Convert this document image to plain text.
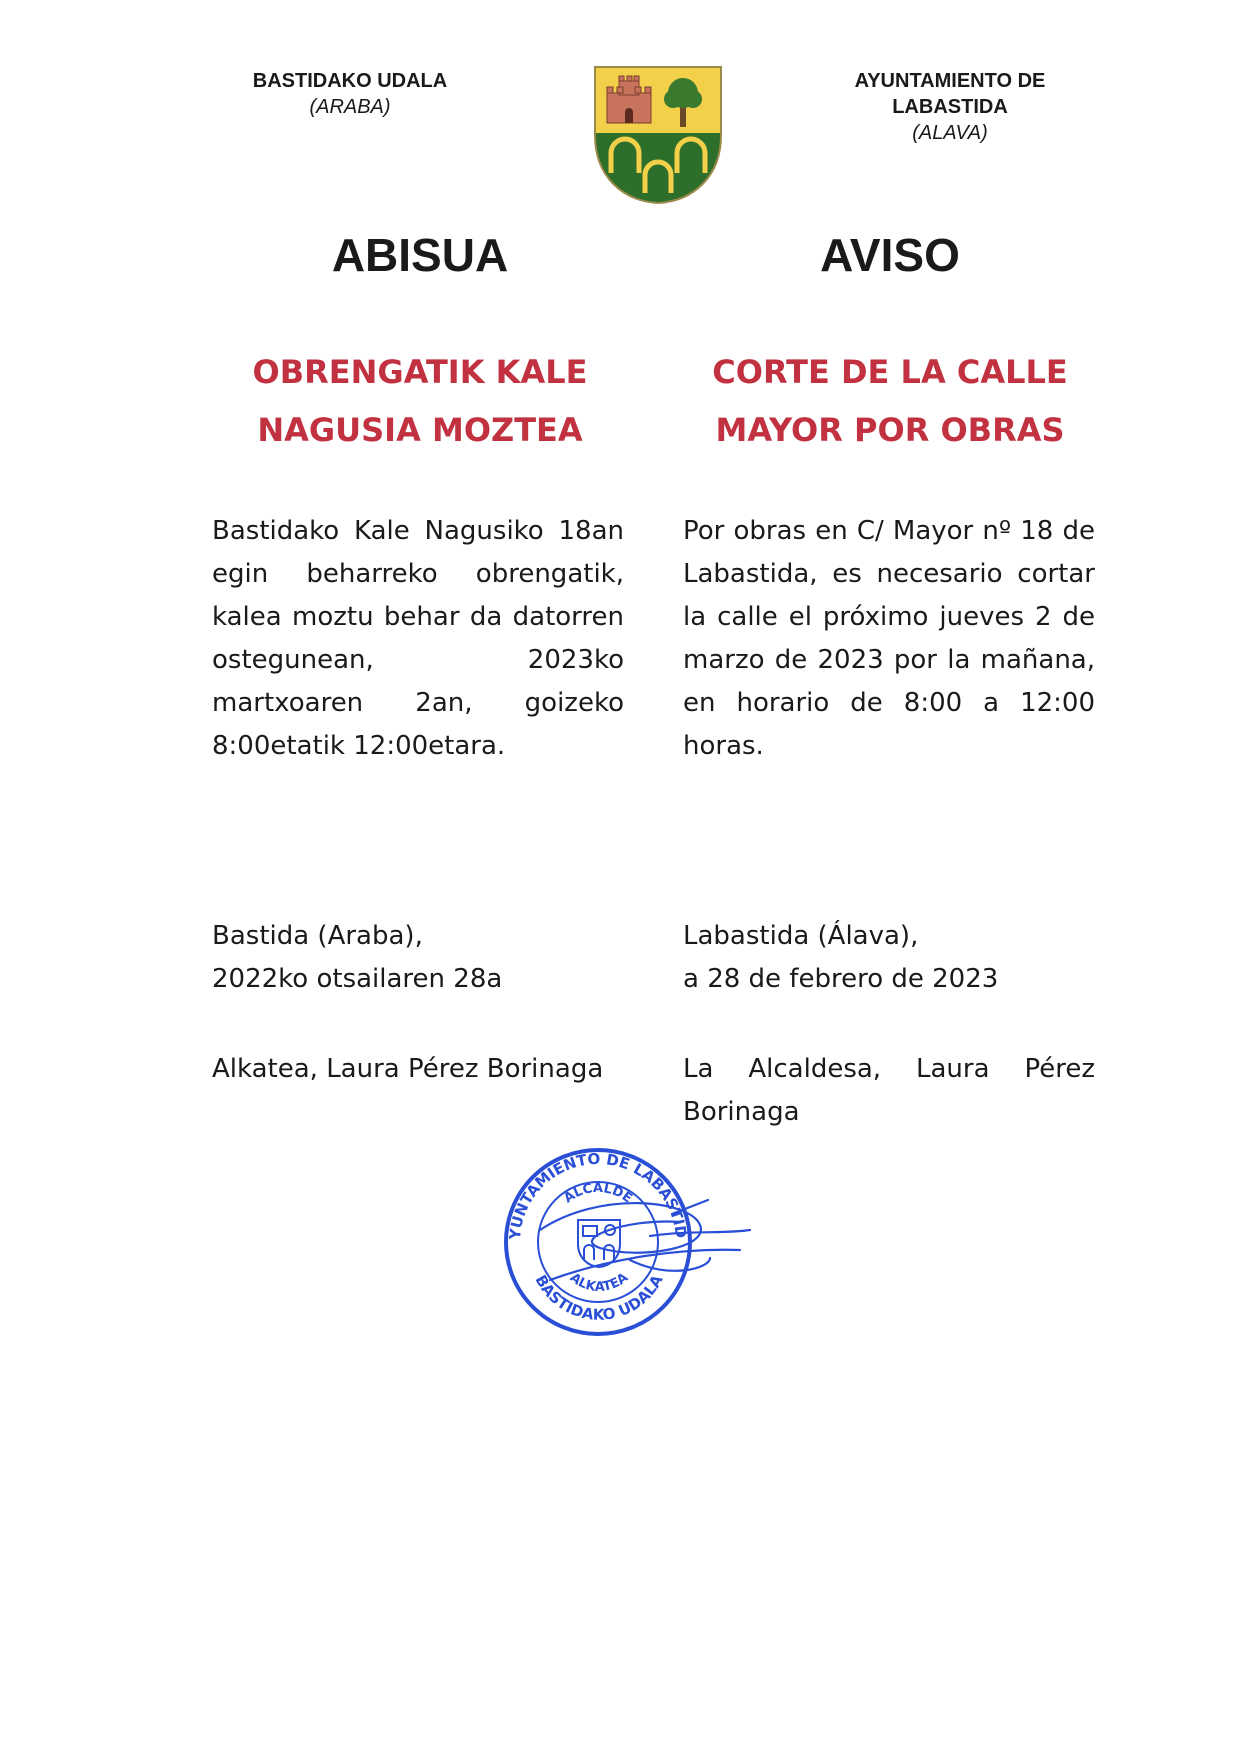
BASTIDAKO UDALA
(ARABA)
AYUNTAMIENTO DE LABASTIDA
(ALAVA)
ABISUA	AVISO
OBRENGATIK KALE
NAGUSIA MOZTEA
CORTE DE LA CALLE
MAYOR POR OBRAS
Bastidako Kale Nagusiko 18an egin beharreko obrengatik, kalea moztu behar da datorren ostegunean, 2023ko martxoaren 2an, goizeko 8:00etatik 12:00etara.
Por obras en C/ Mayor nº 18 de Labastida, es necesario cortar la calle el próximo jueves 2 de marzo de 2023 por la mañana, en horario de 8:00 a 12:00 horas.

Bastida (Araba),

2022ko otsailaren 28a

Labastida (Álava),

a 28 de febrero de 2023

Alkatea, Laura Pérez Borinaga	La Alcaldesa, Laura Pérez Borinaga
YUNTAMIENTO DE LABASTID
ALCALDE
ALKATEA
BASTIDAKO UDALA
